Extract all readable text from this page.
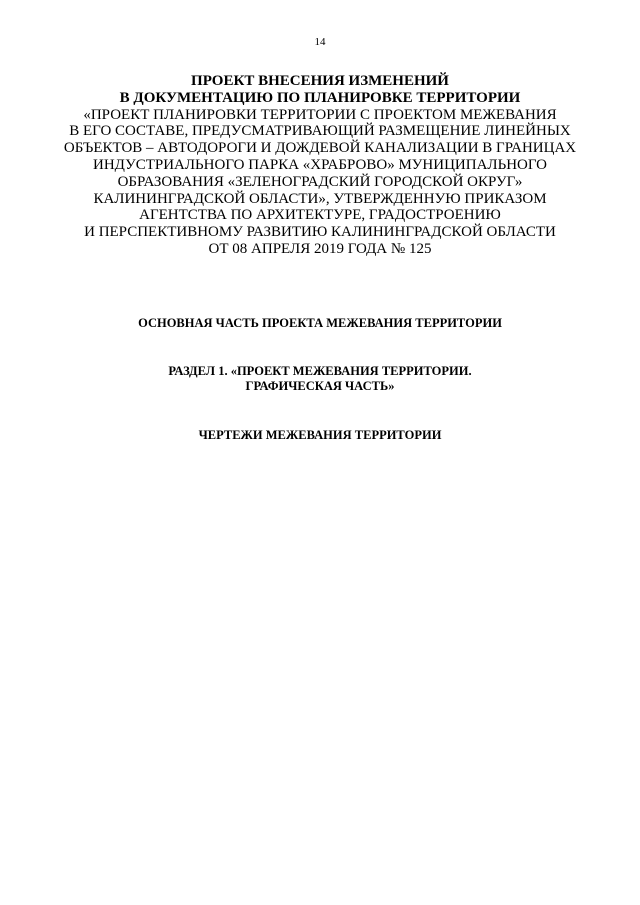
14
ПРОЕКТ ВНЕСЕНИЯ ИЗМЕНЕНИЙ
В ДОКУМЕНТАЦИЮ ПО ПЛАНИРОВКЕ ТЕРРИТОРИИ
«ПРОЕКТ ПЛАНИРОВКИ ТЕРРИТОРИИ С ПРОЕКТОМ МЕЖЕВАНИЯ
В ЕГО СОСТАВЕ, ПРЕДУСМАТРИВАЮЩИЙ РАЗМЕЩЕНИЕ ЛИНЕЙНЫХ
ОБЪЕКТОВ – АВТОДОРОГИ И ДОЖДЕВОЙ КАНАЛИЗАЦИИ В ГРАНИЦАХ
ИНДУСТРИАЛЬНОГО ПАРКА «ХРАБРОВО» МУНИЦИПАЛЬНОГО
ОБРАЗОВАНИЯ «ЗЕЛЕНОГРАДСКИЙ ГОРОДСКОЙ ОКРУГ»
КАЛИНИНГРАДСКОЙ ОБЛАСТИ», УТВЕРЖДЕННУЮ ПРИКАЗОМ
АГЕНТСТВА ПО АРХИТЕКТУРЕ, ГРАДОСТРОЕНИЮ
И ПЕРСПЕКТИВНОМУ РАЗВИТИЮ КАЛИНИНГРАДСКОЙ ОБЛАСТИ
ОТ 08 АПРЕЛЯ 2019 ГОДА № 125
ОСНОВНАЯ ЧАСТЬ ПРОЕКТА МЕЖЕВАНИЯ ТЕРРИТОРИИ
РАЗДЕЛ 1. «ПРОЕКТ МЕЖЕВАНИЯ ТЕРРИТОРИИ.
ГРАФИЧЕСКАЯ ЧАСТЬ»
ЧЕРТЕЖИ МЕЖЕВАНИЯ ТЕРРИТОРИИ
